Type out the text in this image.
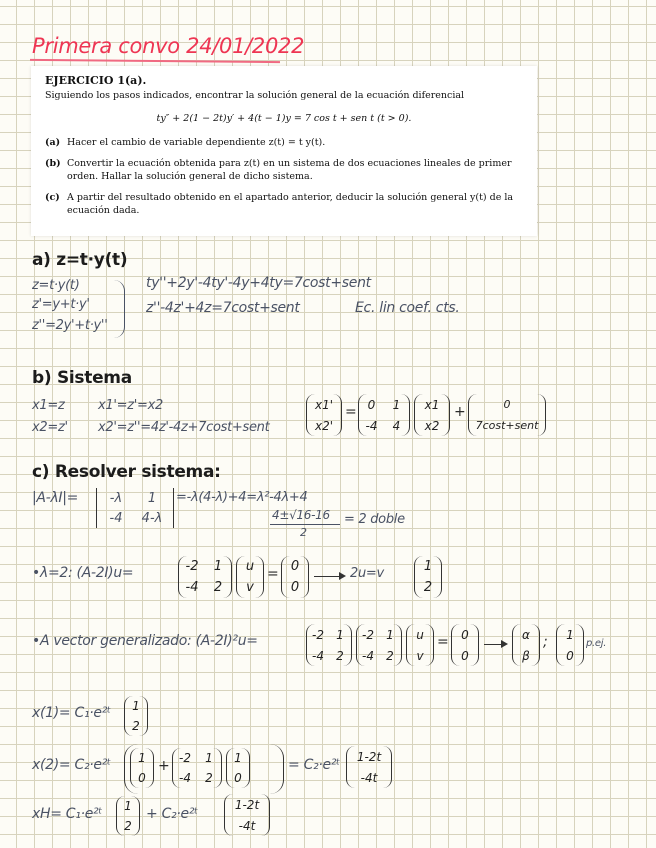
Primera convo 24/01/2022
EJERCICIO 1(a).
Siguiendo los pasos indicados, encontrar la solución general de la ecuación diferencial
ty″ + 2(1 − 2t)y′ + 4(t − 1)y = 7 cos t + sen t (t > 0).
(a) Hacer el cambio de variable dependiente z(t) = t y(t).
(b) Convertir la ecuación obtenida para z(t) en un sistema de dos ecuaciones lineales de primer orden. Hallar la solución general de dicho sistema.
(c) A partir del resultado obtenido en el apartado anterior, deducir la solución general y(t) de la ecuación dada.
a) z=t·y(t)
z=t·y(t)
z'=y+t·y'
z''=2y'+t·y''
ty''+2y'-4ty'-4y+4ty=7cost+sent
z''-4z'+4z=7cost+sent	Ec. lin coef. cts.
b) Sistema
x1=z
x2=z'
x1'=z'=x2
x2'=z''=4z'-4z+7cost+sent
x1'
x2'
= 0	1
-4	4
x1
x2
+	0
7cost+sent
c) Resolver sistema:
|A-λI|=	-λ	1
-4	4-λ
=-λ(4-λ)+4=λ²-4λ+4
4±√16-16
2
= 2 doble
•λ=2: (A-2I)u=	-2	1
-4	2
u
v
= 0
0
2u=v	1
2
•A vector generalizado: (A-2I)²u=	-2	1
-4	2
-2	1
-4	2
u
v
=	0
0
α
β
;	1
0
p.ej.
x(1)= C₁·e²ᵗ	1
2
x(2)= C₂·e²ᵗ	1
0
+ -2	1
-4	2
1
0
= C₂·e²ᵗ
1-2t
-4t
xH= C₁·e²ᵗ	1
2
+ C₂·e²ᵗ
1-2t
-4t
